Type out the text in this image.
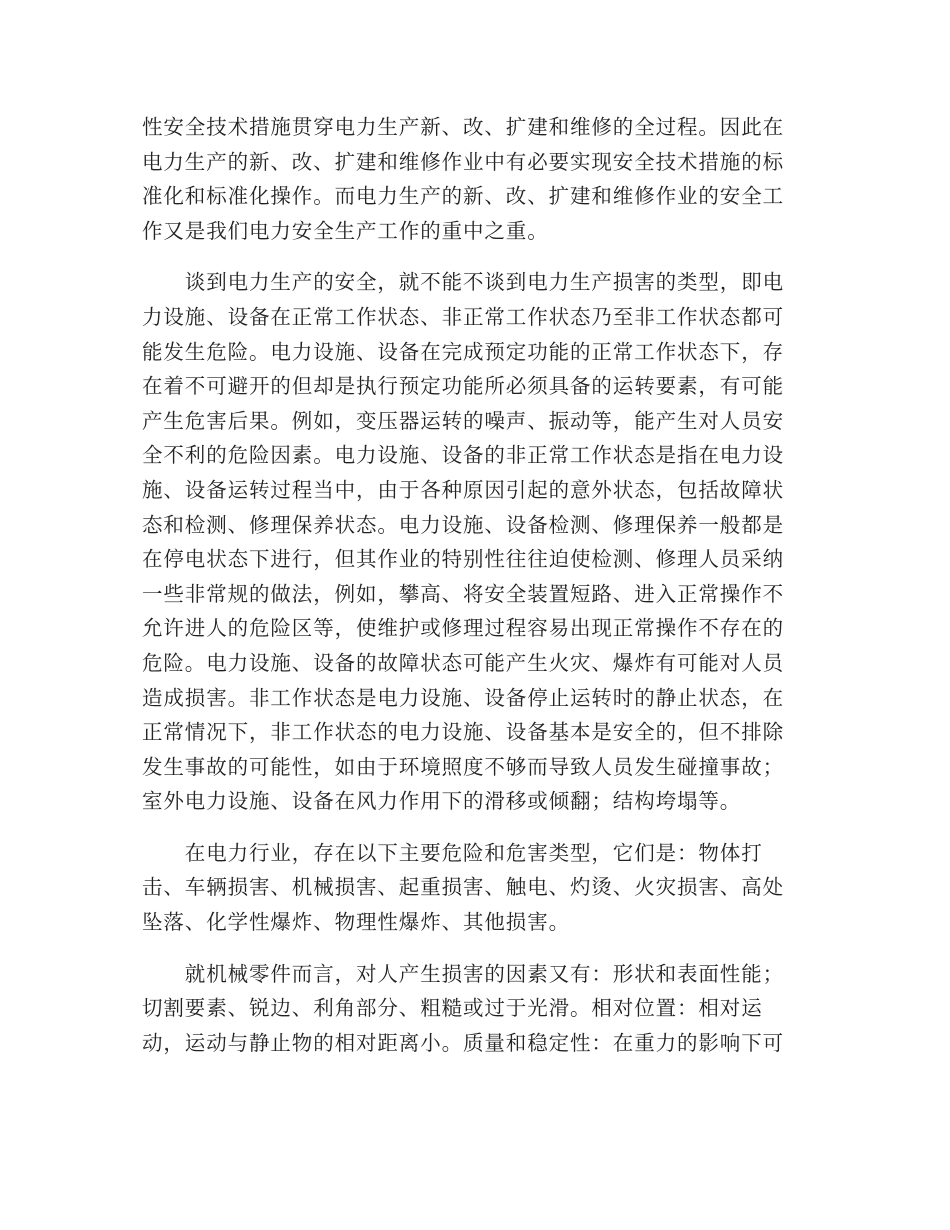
性安全技术措施贯穿电力生产新、改、扩建和维修的全过程。因此在
电力生产的新、改、扩建和维修作业中有必要实现安全技术措施的标
准化和标准化操作。而电力生产的新、改、扩建和维修作业的安全工
作又是我们电力安全生产工作的重中之重。
　　谈到电力生产的安全，就不能不谈到电力生产损害的类型，即电
力设施、设备在正常工作状态、非正常工作状态乃至非工作状态都可
能发生危险。电力设施、设备在完成预定功能的正常工作状态下，存
在着不可避开的但却是执行预定功能所必须具备的运转要素，有可能
产生危害后果。例如，变压器运转的噪声、振动等，能产生对人员安
全不利的危险因素。电力设施、设备的非正常工作状态是指在电力设
施、设备运转过程当中，由于各种原因引起的意外状态，包括故障状
态和检测、修理保养状态。电力设施、设备检测、修理保养一般都是
在停电状态下进行，但其作业的特别性往往迫使检测、修理人员采纳
一些非常规的做法，例如，攀高、将安全装置短路、进入正常操作不
允许进人的危险区等，使维护或修理过程容易出现正常操作不存在的
危险。电力设施、设备的故障状态可能产生火灾、爆炸有可能对人员
造成损害。非工作状态是电力设施、设备停止运转时的静止状态，在
正常情况下，非工作状态的电力设施、设备基本是安全的，但不排除
发生事故的可能性，如由于环境照度不够而导致人员发生碰撞事故；
室外电力设施、设备在风力作用下的滑移或倾翻；结构垮塌等。
　　在电力行业，存在以下主要危险和危害类型，它们是：物体打
击、车辆损害、机械损害、起重损害、触电、灼烫、火灾损害、高处
坠落、化学性爆炸、物理性爆炸、其他损害。
　　就机械零件而言，对人产生损害的因素又有：形状和表面性能；
切割要素、锐边、利角部分、粗糙或过于光滑。相对位置：相对运
动，运动与静止物的相对距离小。质量和稳定性：在重力的影响下可
